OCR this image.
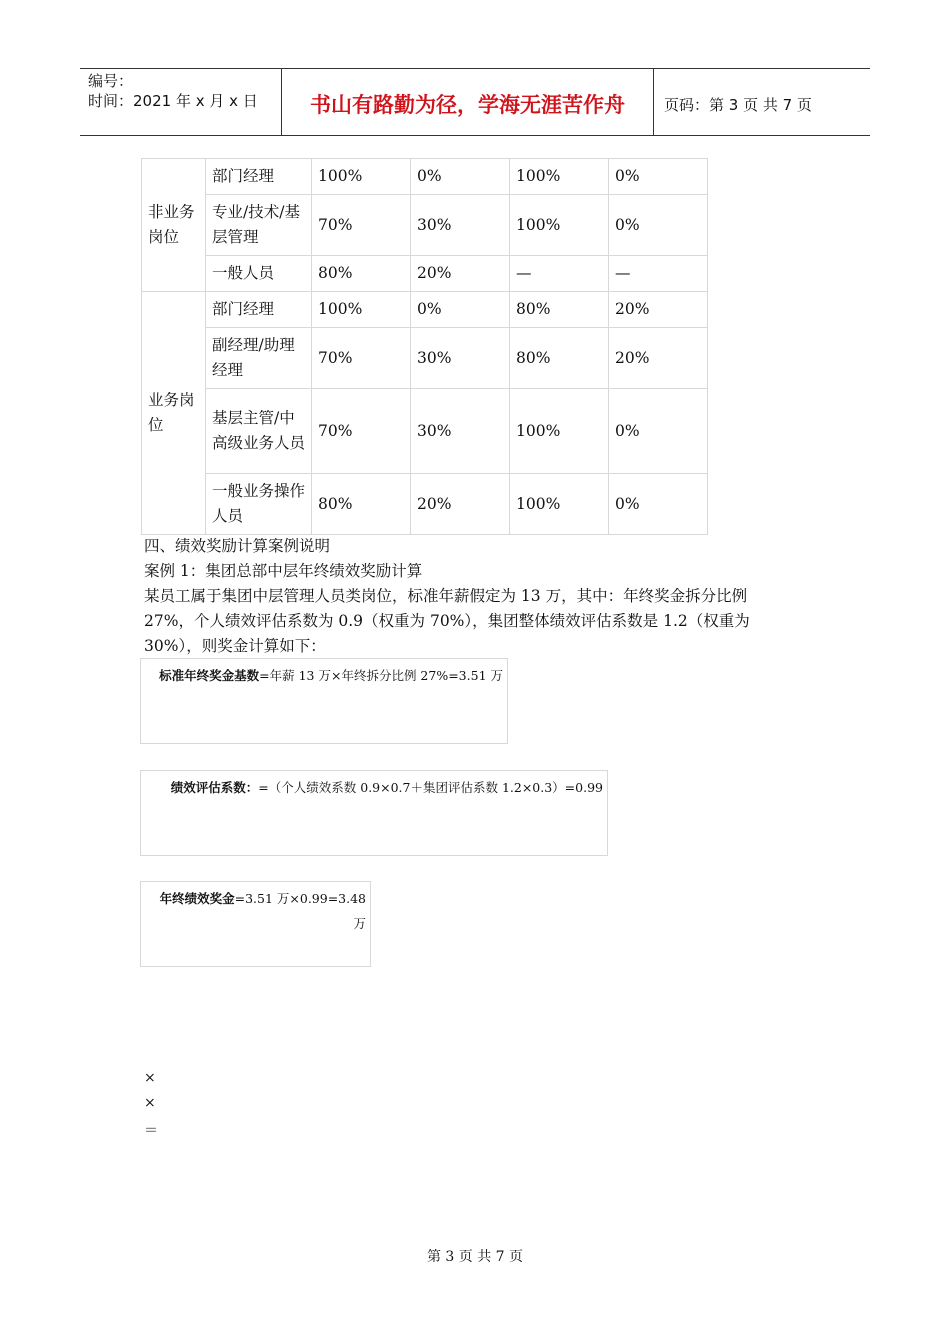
编号：
时间：2021 年 x 月 x 日	书山有路勤为径，学海无涯苦作舟	页码：第 3 页 共 7 页
非业务岗位	部门经理	100%	0%	100%	0%
	专业/技术/基层管理	70%	30%	100%	0%
	一般人员	80%	20%	—	—
业务岗位	部门经理	100%	0%	80%	20%
	副经理/助理经理	70%	30%	80%	20%
	基层主管/中高级业务人员	70%	30%	100%	0%
	一般业务操作人员	80%	20%	100%	0%
四、绩效奖励计算案例说明
案例 1：集团总部中层年终绩效奖励计算
某员工属于集团中层管理人员类岗位，标准年薪假定为 13 万，其中：年终奖金拆分比例 27%，个人绩效评估系数为 0.9（权重为 70%），集团整体绩效评估系数是 1.2（权重为 30%），则奖金计算如下：
标准年终奖金基数=年薪 13 万×年终拆分比例 27%=3.51 万
绩效评估系数：=（个人绩效系数 0.9×0.7＋集团评估系数 1.2×0.3）=0.99
年终绩效奖金=3.51 万×0.99=3.48 万
×
×
＝
第 3 页 共 7 页
